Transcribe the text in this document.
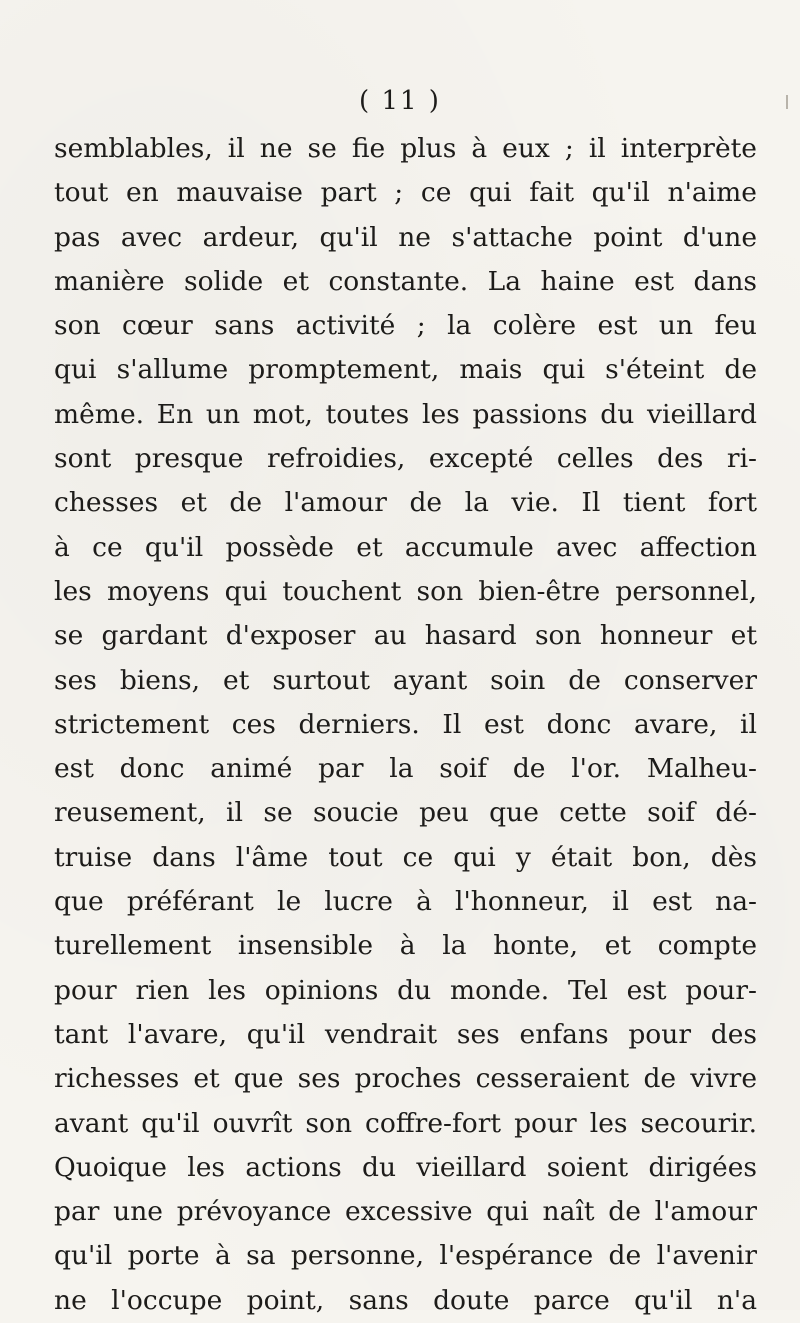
( 11 )
semblables, il ne se fie plus à eux ; il interprète
tout en mauvaise part ; ce qui fait qu'il n'aime
pas avec ardeur, qu'il ne s'attache point d'une
manière solide et constante. La haine est dans
son cœur sans activité ; la colère est un feu
qui s'allume promptement, mais qui s'éteint de
même. En un mot, toutes les passions du vieillard
sont presque refroidies, excepté celles des ri-
chesses et de l'amour de la vie. Il tient fort
à ce qu'il possède et accumule avec affection
les moyens qui touchent son bien-être personnel,
se gardant d'exposer au hasard son honneur et
ses biens, et surtout ayant soin de conserver
strictement ces derniers. Il est donc avare, il
est donc animé par la soif de l'or. Malheu-
reusement, il se soucie peu que cette soif dé-
truise dans l'âme tout ce qui y était bon, dès
que préférant le lucre à l'honneur, il est na-
turellement insensible à la honte, et compte
pour rien les opinions du monde. Tel est pour-
tant l'avare, qu'il vendrait ses enfans pour des
richesses et que ses proches cesseraient de vivre
avant qu'il ouvrît son coffre-fort pour les secourir.
Quoique les actions du vieillard soient dirigées
par une prévoyance excessive qui naît de l'amour
qu'il porte à sa personne, l'espérance de l'avenir
ne l'occupe point, sans doute parce qu'il n'a
